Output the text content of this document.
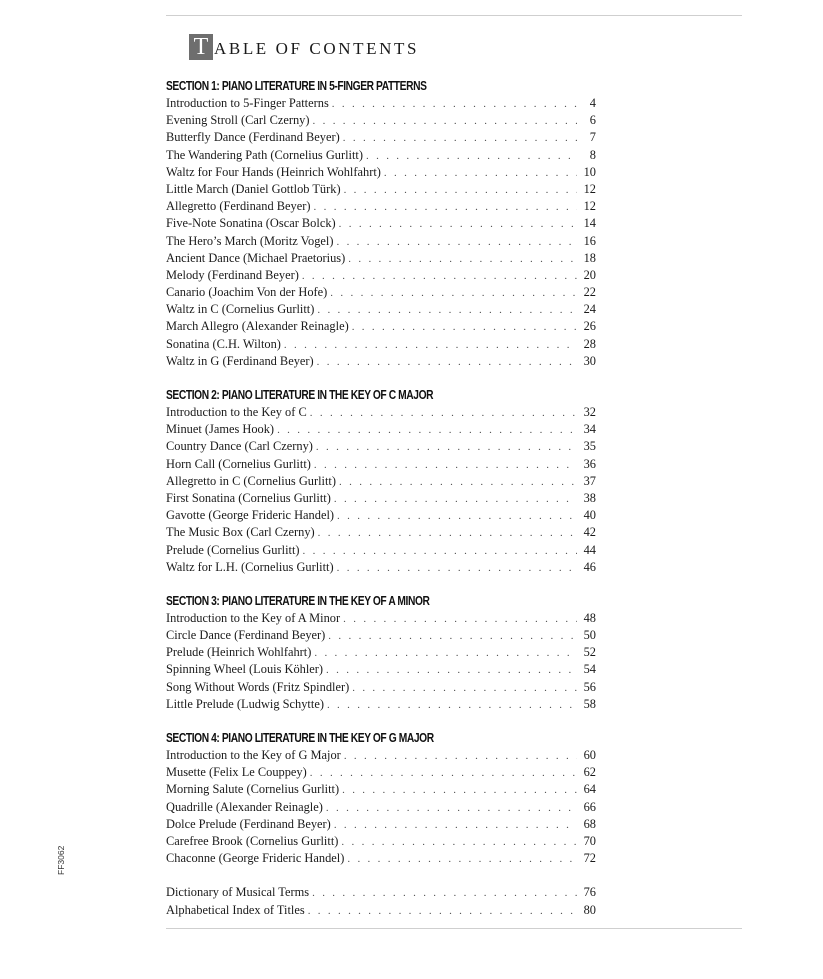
T ABLE OF CONTENTS
SECTION 1: PIANO LITERATURE IN 5-FINGER PATTERNS
Introduction to 5-Finger Patterns . . .	4
Evening Stroll (Carl Czerny) . . .	6
Butterfly Dance (Ferdinand Beyer) . . .	7
The Wandering Path (Cornelius Gurlitt) . . .	8
Waltz for Four Hands (Heinrich Wohlfahrt) . . .	10
Little March (Daniel Gottlob Türk) . . .	12
Allegretto (Ferdinand Beyer) . . .	12
Five-Note Sonatina (Oscar Bolck) . . .	14
The Hero’s March (Moritz Vogel) . . .	16
Ancient Dance (Michael Praetorius) . . .	18
Melody (Ferdinand Beyer) . . .	20
Canario (Joachim Von der Hofe) . . .	22
Waltz in C (Cornelius Gurlitt) . . .	24
March Allegro (Alexander Reinagle) . . .	26
Sonatina (C.H. Wilton) . . .	28
Waltz in G (Ferdinand Beyer) . . .	30
SECTION 2: PIANO LITERATURE IN THE KEY OF C MAJOR
Introduction to the Key of C . . .	32
Minuet (James Hook) . . .	34
Country Dance (Carl Czerny) . . .	35
Horn Call (Cornelius Gurlitt) . . .	36
Allegretto in C (Cornelius Gurlitt) . . .	37
First Sonatina (Cornelius Gurlitt) . . .	38
Gavotte (George Frideric Handel) . . .	40
The Music Box (Carl Czerny) . . .	42
Prelude (Cornelius Gurlitt) . . .	44
Waltz for L.H. (Cornelius Gurlitt) . . .	46
SECTION 3: PIANO LITERATURE IN THE KEY OF A MINOR
Introduction to the Key of A Minor . . .	48
Circle Dance (Ferdinand Beyer) . . .	50
Prelude (Heinrich Wohlfahrt) . . .	52
Spinning Wheel (Louis Köhler) . . .	54
Song Without Words (Fritz Spindler) . . .	56
Little Prelude (Ludwig Schytte) . . .	58
SECTION 4: PIANO LITERATURE IN THE KEY OF G MAJOR
Introduction to the Key of G Major . . .	60
Musette (Felix Le Couppey) . . .	62
Morning Salute (Cornelius Gurlitt) . . .	64
Quadrille (Alexander Reinagle) . . .	66
Dolce Prelude (Ferdinand Beyer) . . .	68
Carefree Brook (Cornelius Gurlitt) . . .	70
Chaconne (George Frideric Handel) . . .	72
Dictionary of Musical Terms . . .	76
Alphabetical Index of Titles . . .	80
FF3062
